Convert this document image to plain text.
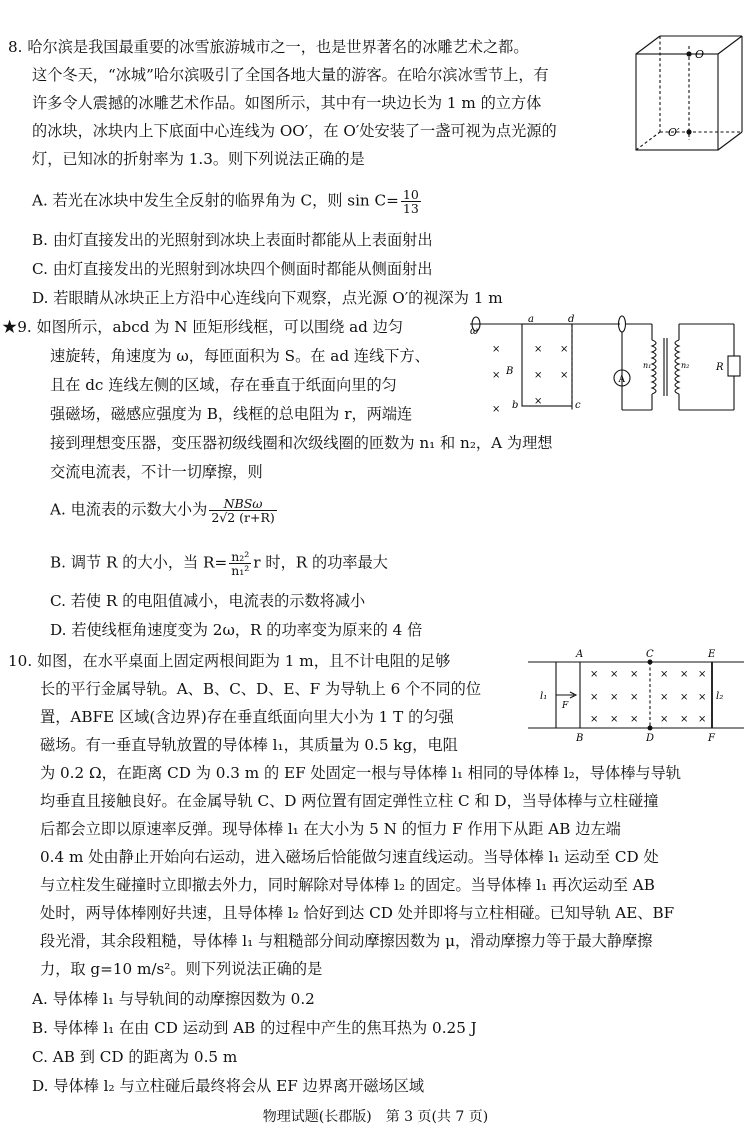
8. 哈尔滨是我国最重要的冰雪旅游城市之一，也是世界著名的冰雕艺术之都。
这个冬天，“冰城”哈尔滨吸引了全国各地大量的游客。在哈尔滨冰雪节上，有
许多令人震撼的冰雕艺术作品。如图所示，其中有一块边长为 1 m 的立方体
的冰块，冰块内上下底面中心连线为 OO′，在 O′处安装了一盏可视为点光源的
灯，已知冰的折射率为 1.3。则下列说法正确的是
A. 若光在冰块中发生全反射的临界角为 C，则 $\sin C= \frac{10}{13}$
B. 由灯直接发出的光照射到冰块上表面时都能从上表面射出
C. 由灯直接发出的光照射到冰块四个侧面时都能从侧面射出
D. 若眼睛从冰块正上方沿中心连线向下观察，点光源 O′的视深为 1 m
O
O′
★9. 如图所示，abcd 为 N 匝矩形线框，可以围绕 ad 边匀
速旋转，角速度为 ω，每匝面积为 S。在 ad 连线下方、
且在 dc 连线左侧的区域，存在垂直于纸面向里的匀
强磁场，磁感应强度为 B，线框的总电阻为 r，两端连
接到理想变压器，变压器初级线圈和次级线圈的匝数为 n₁ 和 n₂，A 为理想
交流电流表，不计一切摩擦，则
A. 电流表的示数大小为 $\frac{\text{NBSω}}{2√2 (r+R)}$
B. 调节 R 的大小，当 $R= \frac{\text{n₂²}}{\text{n₁²}}$ r 时，R 的功率最大
C. 若使 R 的电阻值减小，电流表的示数将减小
D. 若使线框角速度变为 2ω，R 的功率变为原来的 4 倍
a	d
b	c
B
ω
n₁	n₂	R
A
×
×
×
×
×
×
×
×
10. 如图，在水平桌面上固定两根间距为 1 m，且不计电阻的足够
长的平行金属导轨。A、B、C、D、E、F 为导轨上 6 个不同的位
置，ABFE 区域(含边界)存在垂直纸面向里大小为 1 T 的匀强
磁场。有一垂直导轨放置的导体棒 l₁，其质量为 0.5 kg，电阻
为 0.2 Ω，在距离 CD 为 0.3 m 的 EF 处固定一根与导体棒 l₁ 相同的导体棒 l₂，导体棒与导轨
均垂直且接触良好。在金属导轨 C、D 两位置有固定弹性立柱 C 和 D，当导体棒与立柱碰撞
后都会立即以原速率反弹。现导体棒 l₁ 在大小为 5 N 的恒力 F 作用下从距 AB 边左端
0.4 m 处由静止开始向右运动，进入磁场后恰能做匀速直线运动。当导体棒 l₁ 运动至 CD 处
与立柱发生碰撞时立即撤去外力，同时解除对导体棒 l₂ 的固定。当导体棒 l₁ 再次运动至 AB
处时，两导体棒刚好共速，且导体棒 l₂ 恰好到达 CD 处并即将与立柱相碰。已知导轨 AE、BF
段光滑，其余段粗糙，导体棒 l₁ 与粗糙部分间动摩擦因数为 μ，滑动摩擦力等于最大静摩擦
力，取 g=10 m/s²。则下列说法正确的是
A. 导体棒 l₁ 与导轨间的动摩擦因数为 0.2
B. 导体棒 l₁ 在由 CD 运动到 AB 的过程中产生的焦耳热为 0.25 J
C. AB 到 CD 的距离为 0.5 m
D. 导体棒 l₂ 与立柱碰后最终将会从 EF 边界离开磁场区域
A	C	E
B	D	F
l₁	l₂
F
× × × × × ×
× × × × × ×
× × × × × ×
物理试题(长郡版)　第 3 页(共 7 页)
